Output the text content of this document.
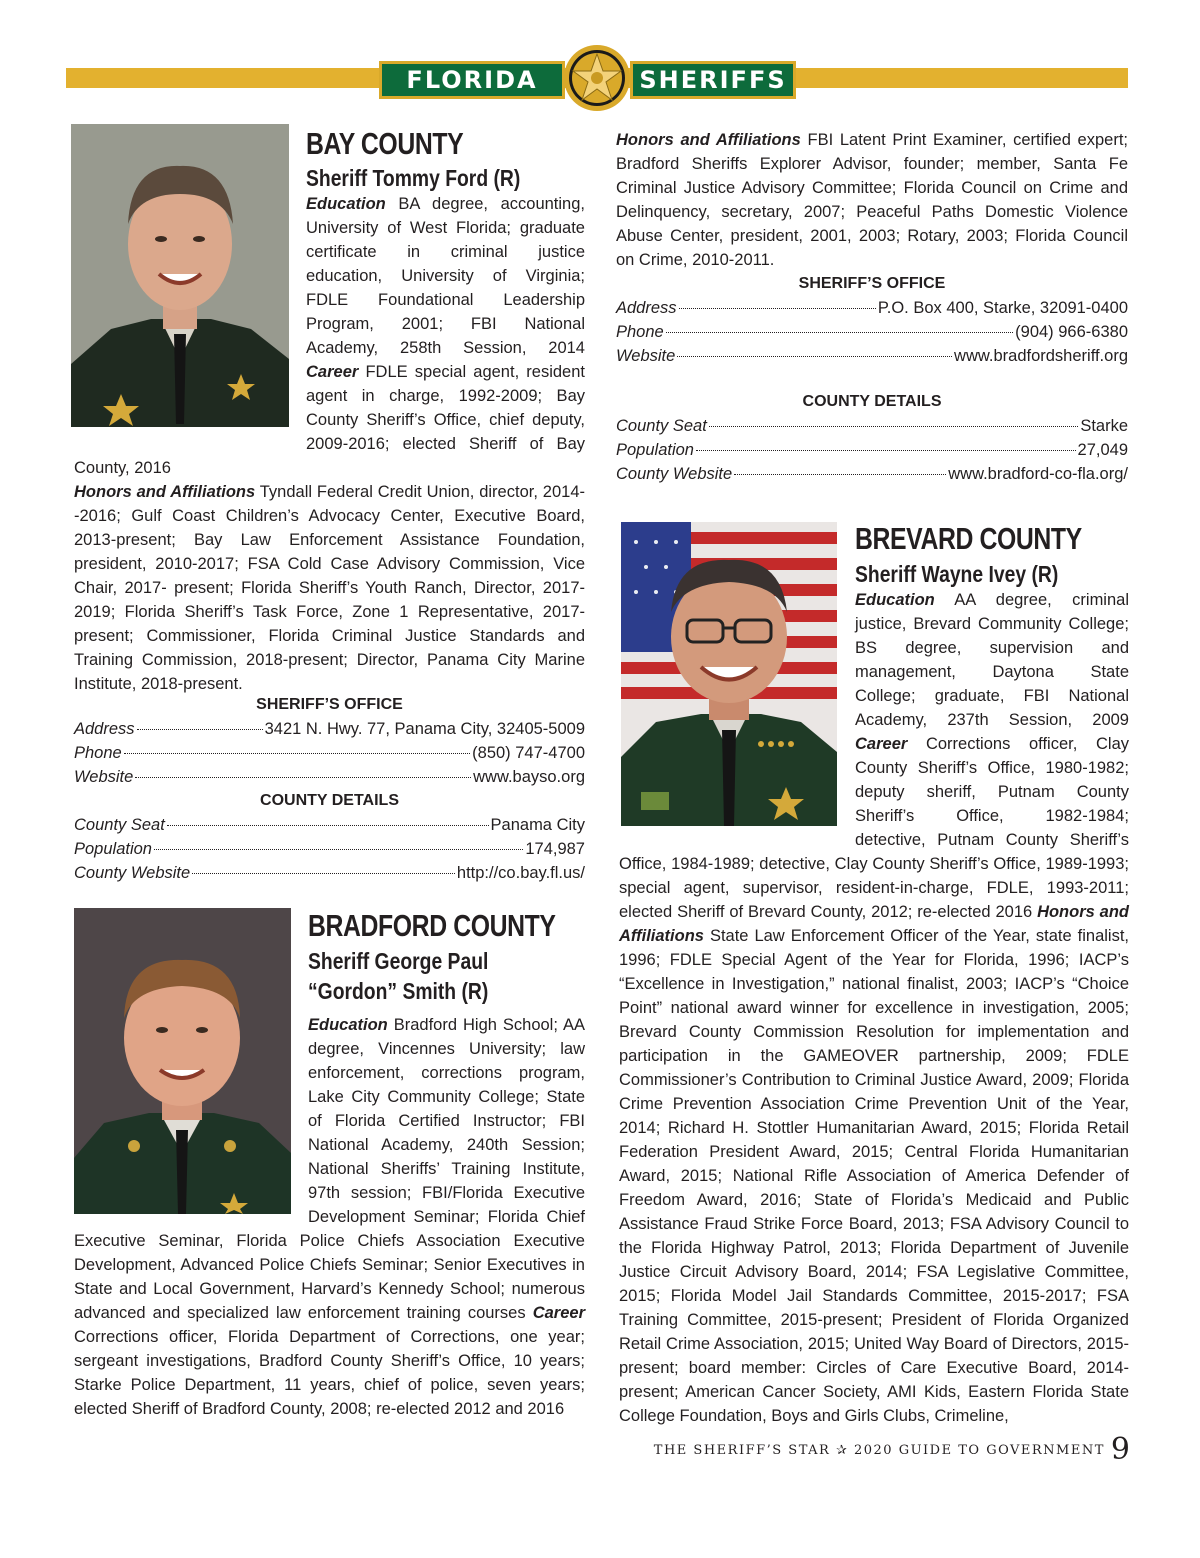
FLORIDA	SHERIFFS
BAY COUNTY
Sheriff Tommy Ford (R)
Education BA degree, accounting, University of West Florida; graduate certificate in criminal justice education, University of Virginia; FDLE Foundational Leadership Program, 2001; FBI National Academy, 258th Session, 2014 Career FDLE special agent, resident agent in charge, 1992-2009; Bay County Sheriff’s Office, chief deputy, 2009-2016; elected Sheriff of Bay County, 2016
Honors and Affiliations Tyndall Federal Credit Union, director, 2014--2016; Gulf Coast Children’s Advocacy Center, Executive Board, 2013-present; Bay Law Enforcement Assistance Foundation, president, 2010-2017; FSA Cold Case Advisory Commission, Vice Chair, 2017- present; Florida Sheriff’s Youth Ranch, Director, 2017-2019; Florida Sheriff’s Task Force, Zone 1 Representative, 2017-present; Commissioner, Florida Criminal Justice Standards and Training Commission, 2018-present; Director, Panama City Marine Institute, 2018-present.
SHERIFF’S OFFICE
Address	3421 N. Hwy. 77, Panama City, 32405-5009
Phone	(850) 747-4700
Website	www.bayso.org
COUNTY DETAILS
County Seat	Panama City
Population	174,987
County Website	http://co.bay.fl.us/
BRADFORD COUNTY
Sheriff George Paul
“Gordon” Smith (R)
Education Bradford High School; AA degree, Vincennes University; law enforcement, corrections program, Lake City Community College; State of Florida Certified Instructor; FBI National Academy, 240th Session; National Sheriffs’ Training Institute, 97th session; FBI/Florida Executive Development Seminar; Florida Chief Executive Seminar, Florida Police Chiefs Association Executive Development, Advanced Police Chiefs Seminar; Senior Executives in State and Local Government, Harvard’s Kennedy School; numerous advanced and specialized law enforcement training courses Career Corrections officer, Florida Department of Corrections, one year; sergeant investigations, Bradford County Sheriff’s Office, 10 years; Starke Police Department, 11 years, chief of police, seven years; elected Sheriff of Bradford County, 2008; re-elected 2012 and 2016
Honors and Affiliations FBI Latent Print Examiner, certified expert; Bradford Sheriffs Explorer Advisor, founder; member, Santa Fe Criminal Justice Advisory Committee; Florida Council on Crime and Delinquency, secretary, 2007; Peaceful Paths Domestic Violence Abuse Center, president, 2001, 2003; Rotary, 2003; Florida Council on Crime, 2010-2011.
SHERIFF’S OFFICE
Address	P.O. Box 400, Starke, 32091-0400
Phone	(904) 966-6380
Website	www.bradfordsheriff.org
COUNTY DETAILS
County Seat	Starke
Population	27,049
County Website	www.bradford-co-fla.org/
BREVARD COUNTY
Sheriff Wayne Ivey (R)
Education AA degree, criminal justice, Brevard Community College; BS degree, supervision and management, Daytona State College; graduate, FBI National Academy, 237th Session, 2009 Career Corrections officer, Clay County Sheriff’s Office, 1980-1982; deputy sheriff, Putnam County Sheriff’s Office, 1982-1984; detective, Putnam County Sheriff’s Office, 1984-1989; detective, Clay County Sheriff’s Office, 1989-1993; special agent, supervisor, resident-in-charge, FDLE, 1993-2011; elected Sheriff of Brevard County, 2012; re-elected 2016 Honors and Affiliations State Law Enforcement Officer of the Year, state finalist, 1996; FDLE Special Agent of the Year for Florida, 1996; IACP’s “Excellence in Investigation,” national finalist, 2003; IACP’s “Choice Point” national award winner for excellence in investigation, 2005; Brevard County Commission Resolution for implementation and participation in the GAMEOVER partnership, 2009; FDLE Commissioner’s Contribution to Criminal Justice Award, 2009; Florida Crime Prevention Association Crime Prevention Unit of the Year, 2014; Richard H. Stottler Humanitarian Award, 2015; Florida Retail Federation President Award, 2015; Central Florida Humanitarian Award, 2015; National Rifle Association of America Defender of Freedom Award, 2016; State of Florida’s Medicaid and Public Assistance Fraud Strike Force Board, 2013; FSA Advisory Council to the Florida Highway Patrol, 2013; Florida Department of Juvenile Justice Circuit Advisory Board, 2014; FSA Legislative Committee, 2015; Florida Model Jail Standards Committee, 2015-2017; FSA Training Committee, 2015-present; President of Florida Organized Retail Crime Association, 2015; United Way Board of Directors, 2015-present; board member: Circles of Care Executive Board, 2014-present; American Cancer Society, AMI Kids, Eastern Florida State College Foundation, Boys and Girls Clubs, Crimeline,
THE SHERIFF’S STAR ✰ 2020 GUIDE TO GOVERNMENT 9
